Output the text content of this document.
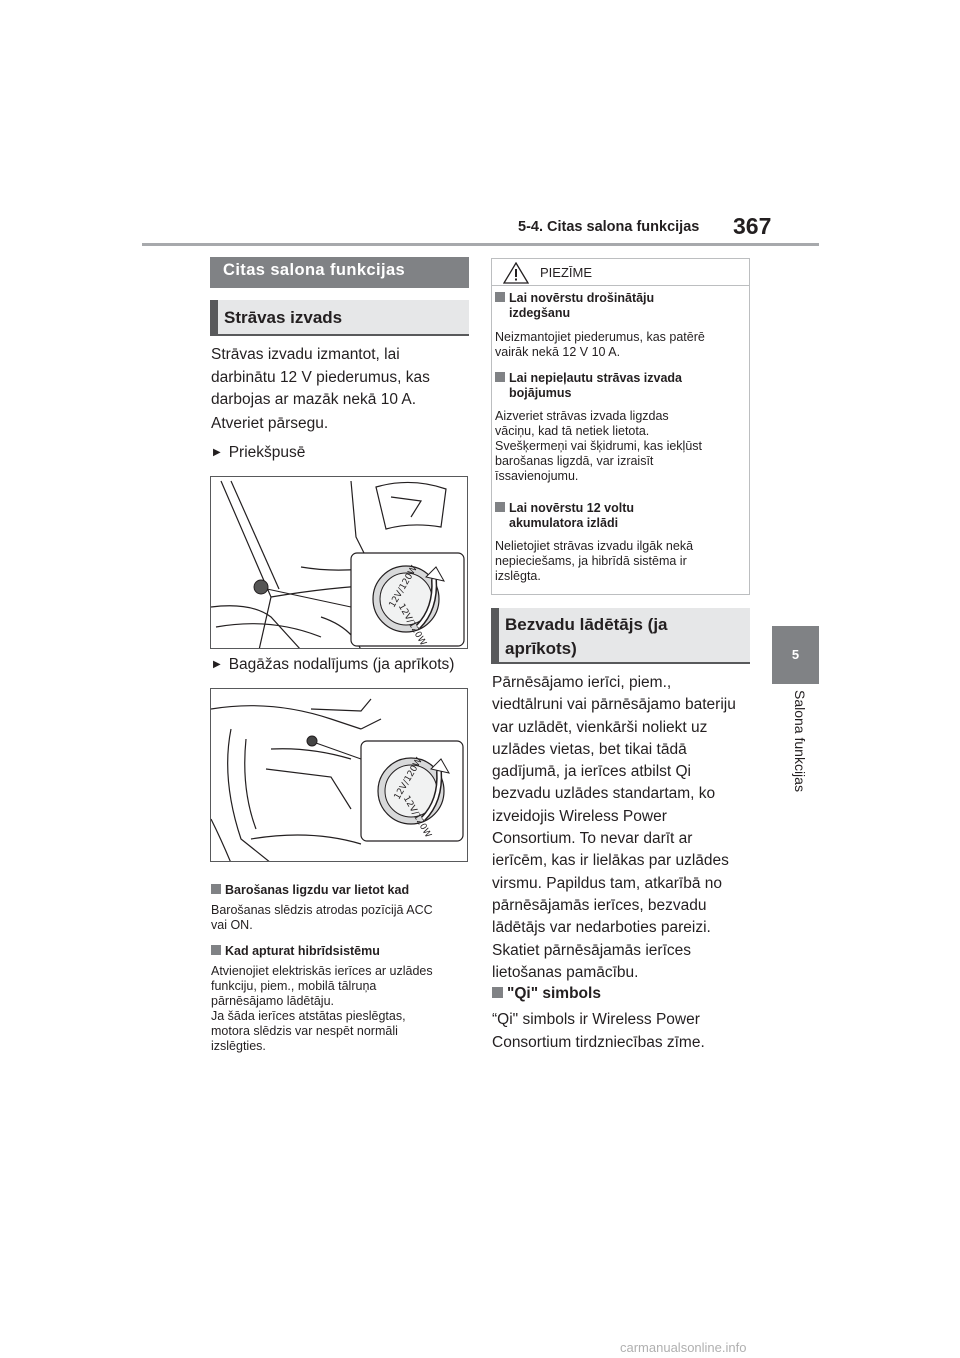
5-4. Citas salona funkcijas 367
5
Salona funkcijas
Citas salona funkcijas
Strāvas izvads
Strāvas izvadu izmantot, lai
darbinātu 12 V piederumus, kas
darbojas ar mazāk nekā 10 A.
Atveriet pārsegu.
▶ Priekšpusē
12V/120W
12V/120W
▶ Bagāžas nodalījums (ja aprīkots)
12V/120W
12V/120W
Barošanas ligzdu var lietot kad
Barošanas slēdzis atrodas pozīcijā ACC
vai ON.
Kad apturat hibrīdsistēmu
Atvienojiet elektriskās ierīces ar uzlādes
funkciju, piem., mobilā tālruņa
pārnēsājamo lādētāju.
Ja šāda ierīces atstātas pieslēgtas,
motora slēdzis var nespēt normāli
izslēgties.
PIEZĪME
Lai novērstu drošinātāju
izdegšanu
Neizmantojiet piederumus, kas patērē
vairāk nekā 12 V 10 A.
Lai nepieļautu strāvas izvada
bojājumus
Aizveriet strāvas izvada ligzdas
vāciņu, kad tā netiek lietota.
Svešķermeņi vai šķidrumi, kas iekļūst
barošanas ligzdā, var izraisīt
īssavienojumu.
Lai novērstu 12 voltu
akumulatora izlādi
Nelietojiet strāvas izvadu ilgāk nekā
nepieciešams, ja hibrīdā sistēma ir
izslēgta.
Bezvadu lādētājs (ja
aprīkots)
Pārnēsājamo ierīci, piem.,
viedtālruni vai pārnēsājamo bateriju
var uzlādēt, vienkārši noliekt uz
uzlādes vietas, bet tikai tādā
gadījumā, ja ierīces atbilst Qi
bezvadu uzlādes standartam, ko
izveidojis Wireless Power
Consortium. To nevar darīt ar
ierīcēm, kas ir lielākas par uzlādes
virsmu. Papildus tam, atkarībā no
pārnēsājamās ierīces, bezvadu
lādētājs var nedarboties pareizi.
Skatiet pārnēsājamās ierīces
lietošanas pamācību.
"Qi" simbols
“Qi" simbols ir Wireless Power
Consortium tirdzniecības zīme.
carmanualsonline.info
